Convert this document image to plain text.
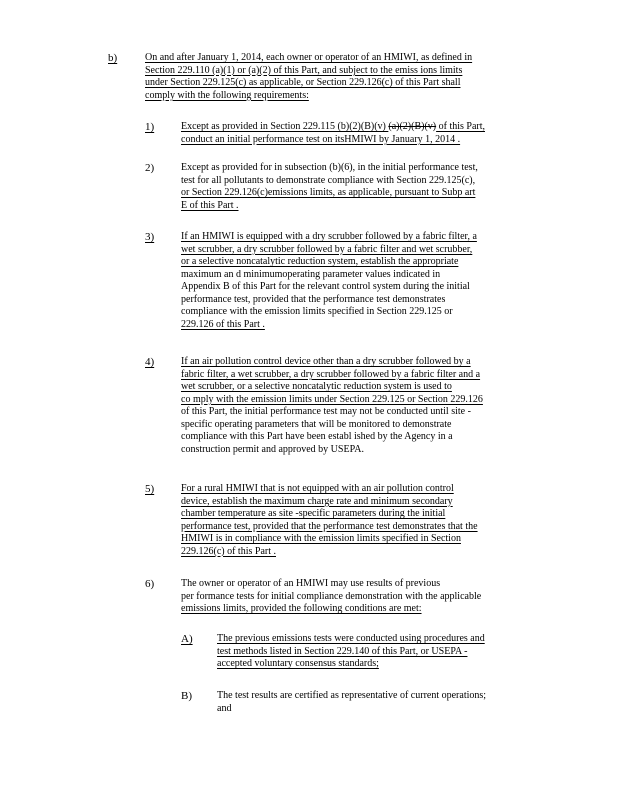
b)	On and after January 1, 2014, each owner or operator of an HMIWI, as defined in
Section 229.110 (a)(1) or (a)(2) of this Part, and subject to the emiss ions limits
under Section 229.125(c) as applicable, or Section 229.126(c) of this Part shall
comply with the following requirements:
1)	Except as provided in Section 229.115 (b)(2)(B)(v) (a)(2)(B)(v) of this Part,
conduct an initial performance test on itsHMIWI by January 1, 2014 .
2)	Except as provided for in subsection (b)(6), in the initial performance test,
test for all pollutants to demonstrate compliance with Section 229.125(c),
or Section 229.126(c)emissions limits, as applicable, pursuant to Subp art
E of this Part .
3)	If an HMIWI is equipped with a dry scrubber followed by a fabric filter, a
wet scrubber, a dry scrubber followed by a fabric filter and wet scrubber,
or a selective noncatalytic reduction system, establish the appropriate
maximum an d minimumoperating parameter values indicated in
Appendix B of this Part for the relevant control system during the initial
performance test, provided that the performance test demonstrates
compliance with the emission limits specified in Section 229.125 or
229.126 of this Part .
4)	If an air pollution control device other than a dry scrubber followed by a
fabric filter, a wet scrubber, a dry scrubber followed by a fabric filter and a
wet scrubber, or a selective noncatalytic reduction system is used to
co mply with the emission limits under Section 229.125 or Section 229.126
of this Part, the initial performance test may not be conducted until site -
specific operating parameters that will be monitored to demonstrate
compliance with this Part have been establ ished by the Agency in a
construction permit and approved by USEPA.
5)	For a rural HMIWI that is not equipped with an air pollution control
device, establish the maximum charge rate and minimum secondary
chamber temperature as site -specific parameters during the initial
performance test, provided that the performance test demonstrates that the
HMIWI is in compliance with the emission limits specified in Section
229.126(c) of this Part .
6)	The owner or operator of an HMIWI may use results of previous
per formance tests for initial compliance demonstration with the applicable
emissions limits, provided the following conditions are met:
A) The previous emissions tests were conducted using procedures and
test methods listed in Section 229.140 of this Part, or USEPA -
accepted voluntary consensus standards;
B)	The test results are certified as representative of current operations;
and
